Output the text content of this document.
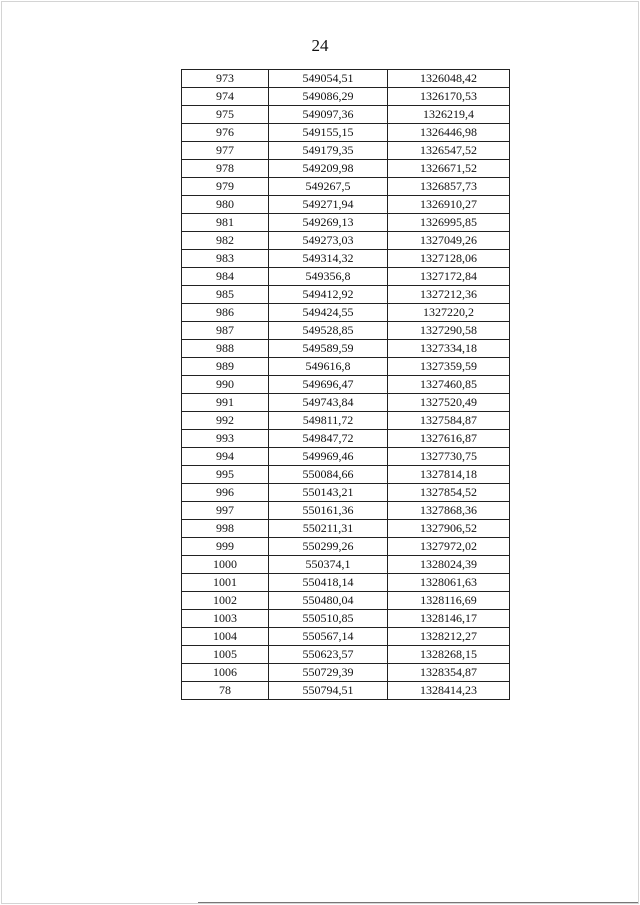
24
973	549054,51	1326048,42
974	549086,29	1326170,53
975	549097,36	1326219,4
976	549155,15	1326446,98
977	549179,35	1326547,52
978	549209,98	1326671,52
979	549267,5	1326857,73
980	549271,94	1326910,27
981	549269,13	1326995,85
982	549273,03	1327049,26
983	549314,32	1327128,06
984	549356,8	1327172,84
985	549412,92	1327212,36
986	549424,55	1327220,2
987	549528,85	1327290,58
988	549589,59	1327334,18
989	549616,8	1327359,59
990	549696,47	1327460,85
991	549743,84	1327520,49
992	549811,72	1327584,87
993	549847,72	1327616,87
994	549969,46	1327730,75
995	550084,66	1327814,18
996	550143,21	1327854,52
997	550161,36	1327868,36
998	550211,31	1327906,52
999	550299,26	1327972,02
1000	550374,1	1328024,39
1001	550418,14	1328061,63
1002	550480,04	1328116,69
1003	550510,85	1328146,17
1004	550567,14	1328212,27
1005	550623,57	1328268,15
1006	550729,39	1328354,87
78	550794,51	1328414,23
